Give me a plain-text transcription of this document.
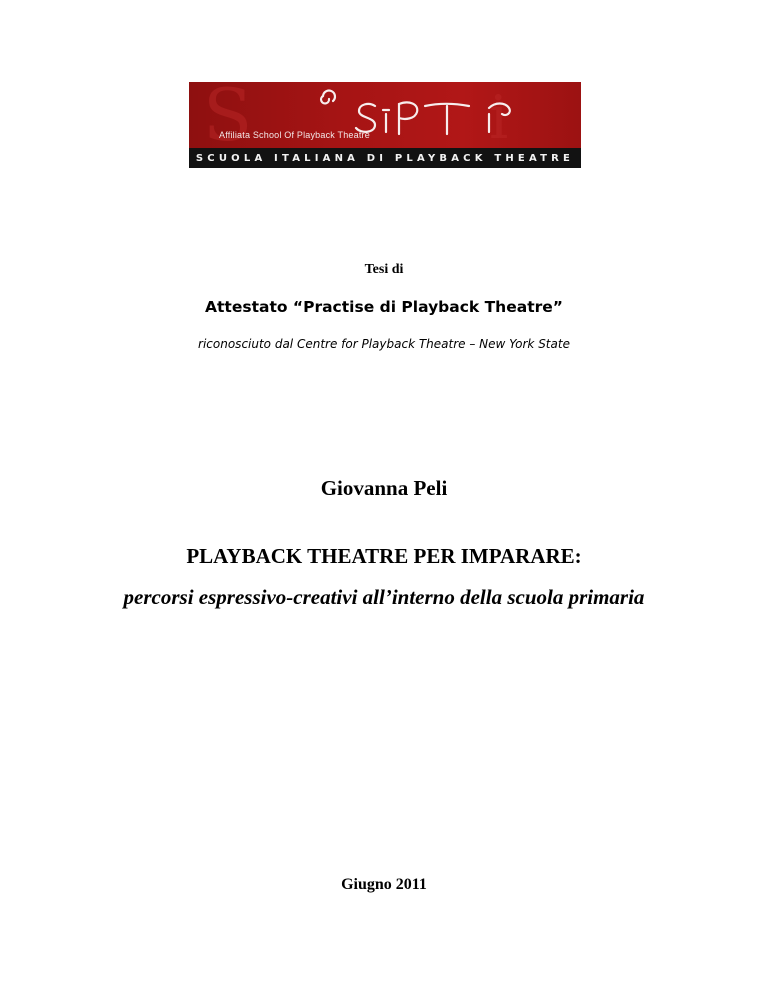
S	i
Affiliata School Of Playback Theatre
SCUOLA ITALIANA DI PLAYBACK THEATRE
Tesi di
Attestato “Practise di Playback Theatre”
riconosciuto dal Centre for Playback Theatre – New York State
Giovanna Peli
PLAYBACK THEATRE PER IMPARARE:
percorsi espressivo-creativi all’interno della scuola primaria
Giugno 2011
